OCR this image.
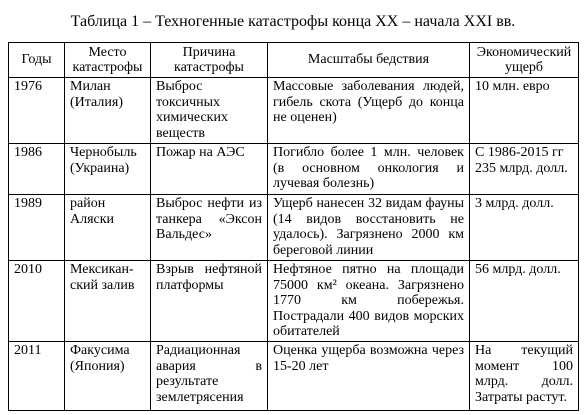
Таблица 1 – Техногенные катастрофы конца XX – начала XXI вв.
Годы	Место катастрофы	Причина катастрофы	Масштабы бедствия	Экономический ущерб
1976	Милан (Италия)	Выброс токсичных химических веществ	Массовые заболевания людей, гибель скота (Ущерб до конца не оценен)	10 млн. евро
1986	Чернобыль (Украина)	Пожар на АЭС	Погибло более 1 млн. человек (в основном онкология и лучевая болезнь)	С 1986-2015 гг 235 млрд. долл.
1989	район Аляски	Выброс нефти из танкера «Эксон Вальдес»	Ущерб нанесен 32 видам фауны (14 видов восстановить не удалось). Загрязнено 2000 км береговой линии	3 млрд. долл.
2010	Мексикан-ский залив	Взрыв нефтяной платформы	Нефтяное пятно на площади 75000 км² океана. Загрязнено 1770 км побережья. Пострадали 400 видов морских обитателей	56 млрд. долл.
2011	Факусима (Япония)	Радиационная авария в результате землетрясения	Оценка ущерба возможна через 15-20 лет	На текущий момент 100 млрд. долл. Затраты растут.
